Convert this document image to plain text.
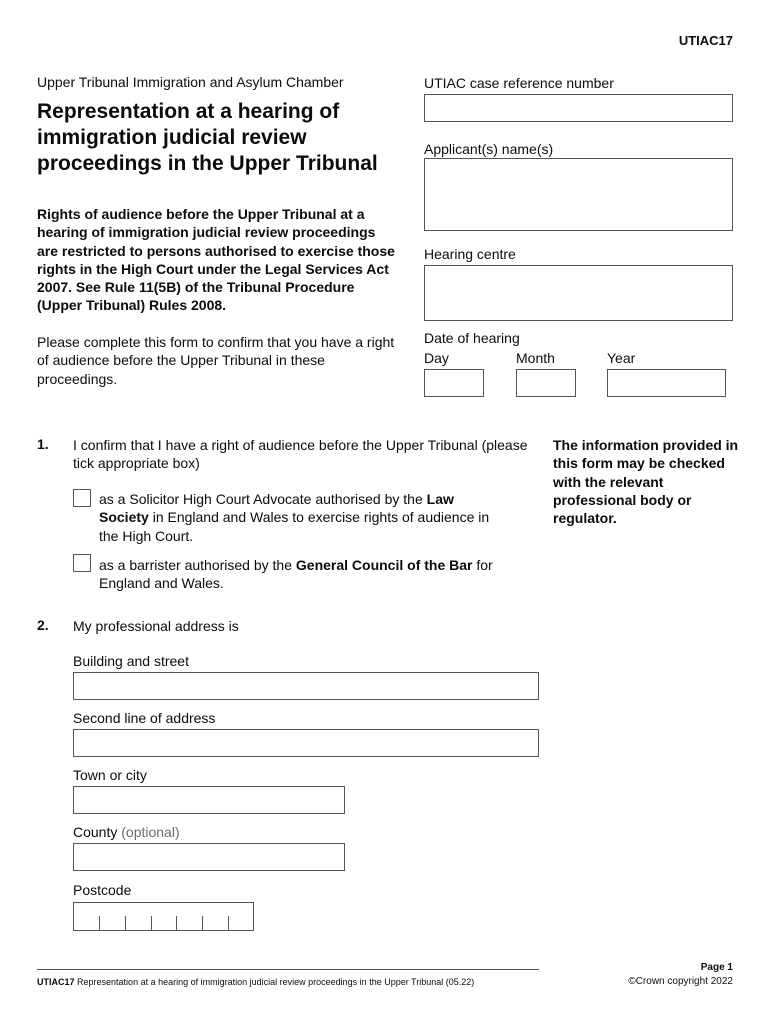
UTIAC17
Upper Tribunal Immigration and Asylum Chamber
Representation at a hearing of immigration judicial review proceedings in the Upper Tribunal
Rights of audience before the Upper Tribunal at a hearing of immigration judicial review proceedings are restricted to persons authorised to exercise those rights in the High Court under the Legal Services Act 2007. See Rule 11(5B) of the Tribunal Procedure (Upper Tribunal) Rules 2008.
Please complete this form to confirm that you have a right of audience before the Upper Tribunal in these proceedings.
UTIAC case reference number
Applicant(s) name(s)
Hearing centre
Date of hearing
Day	Month	Year
The information provided in this form may be checked with the relevant professional body or regulator.
1. I confirm that I have a right of audience before the Upper Tribunal (please tick appropriate box)
as a Solicitor High Court Advocate authorised by the Law Society in England and Wales to exercise rights of audience in the High Court.
as a barrister authorised by the General Council of the Bar for England and Wales.
2. My professional address is
Building and street
Second line of address
Town or city
County (optional)
Postcode
UTIAC17 Representation at a hearing of immigration judicial review proceedings in the Upper Tribunal (05.22)
Page 1
©Crown copyright 2022
